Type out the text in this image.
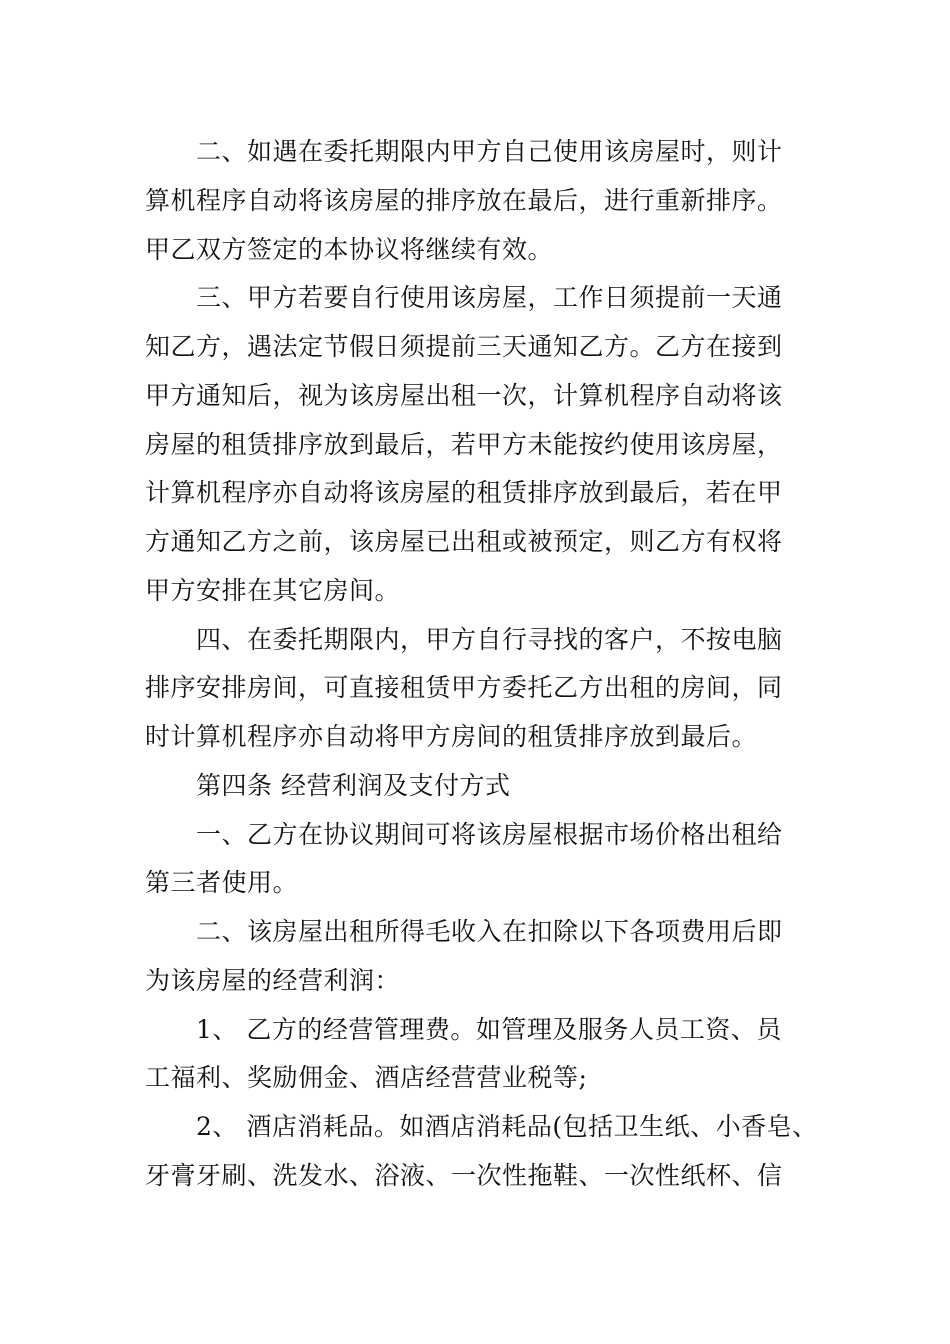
二、如遇在委托期限内甲方自己使用该房屋时，则计
算机程序自动将该房屋的排序放在最后，进行重新排序。
甲乙双方签定的本协议将继续有效。
三、甲方若要自行使用该房屋，工作日须提前一天通
知乙方，遇法定节假日须提前三天通知乙方。乙方在接到
甲方通知后，视为该房屋出租一次，计算机程序自动将该
房屋的租赁排序放到最后，若甲方未能按约使用该房屋，
计算机程序亦自动将该房屋的租赁排序放到最后，若在甲
方通知乙方之前，该房屋已出租或被预定，则乙方有权将
甲方安排在其它房间。
四、在委托期限内，甲方自行寻找的客户，不按电脑
排序安排房间，可直接租赁甲方委托乙方出租的房间，同
时计算机程序亦自动将甲方房间的租赁排序放到最后。
第四条 经营利润及支付方式
一、乙方在协议期间可将该房屋根据市场价格出租给
第三者使用。
二、该房屋出租所得毛收入在扣除以下各项费用后即
为该房屋的经营利润：
1、 乙方的经营管理费。如管理及服务人员工资、员
工福利、奖励佣金、酒店经营营业税等;
2、 酒店消耗品。如酒店消耗品(包括卫生纸、小香皂、
牙膏牙刷、洗发水、浴液、一次性拖鞋、一次性纸杯、信
